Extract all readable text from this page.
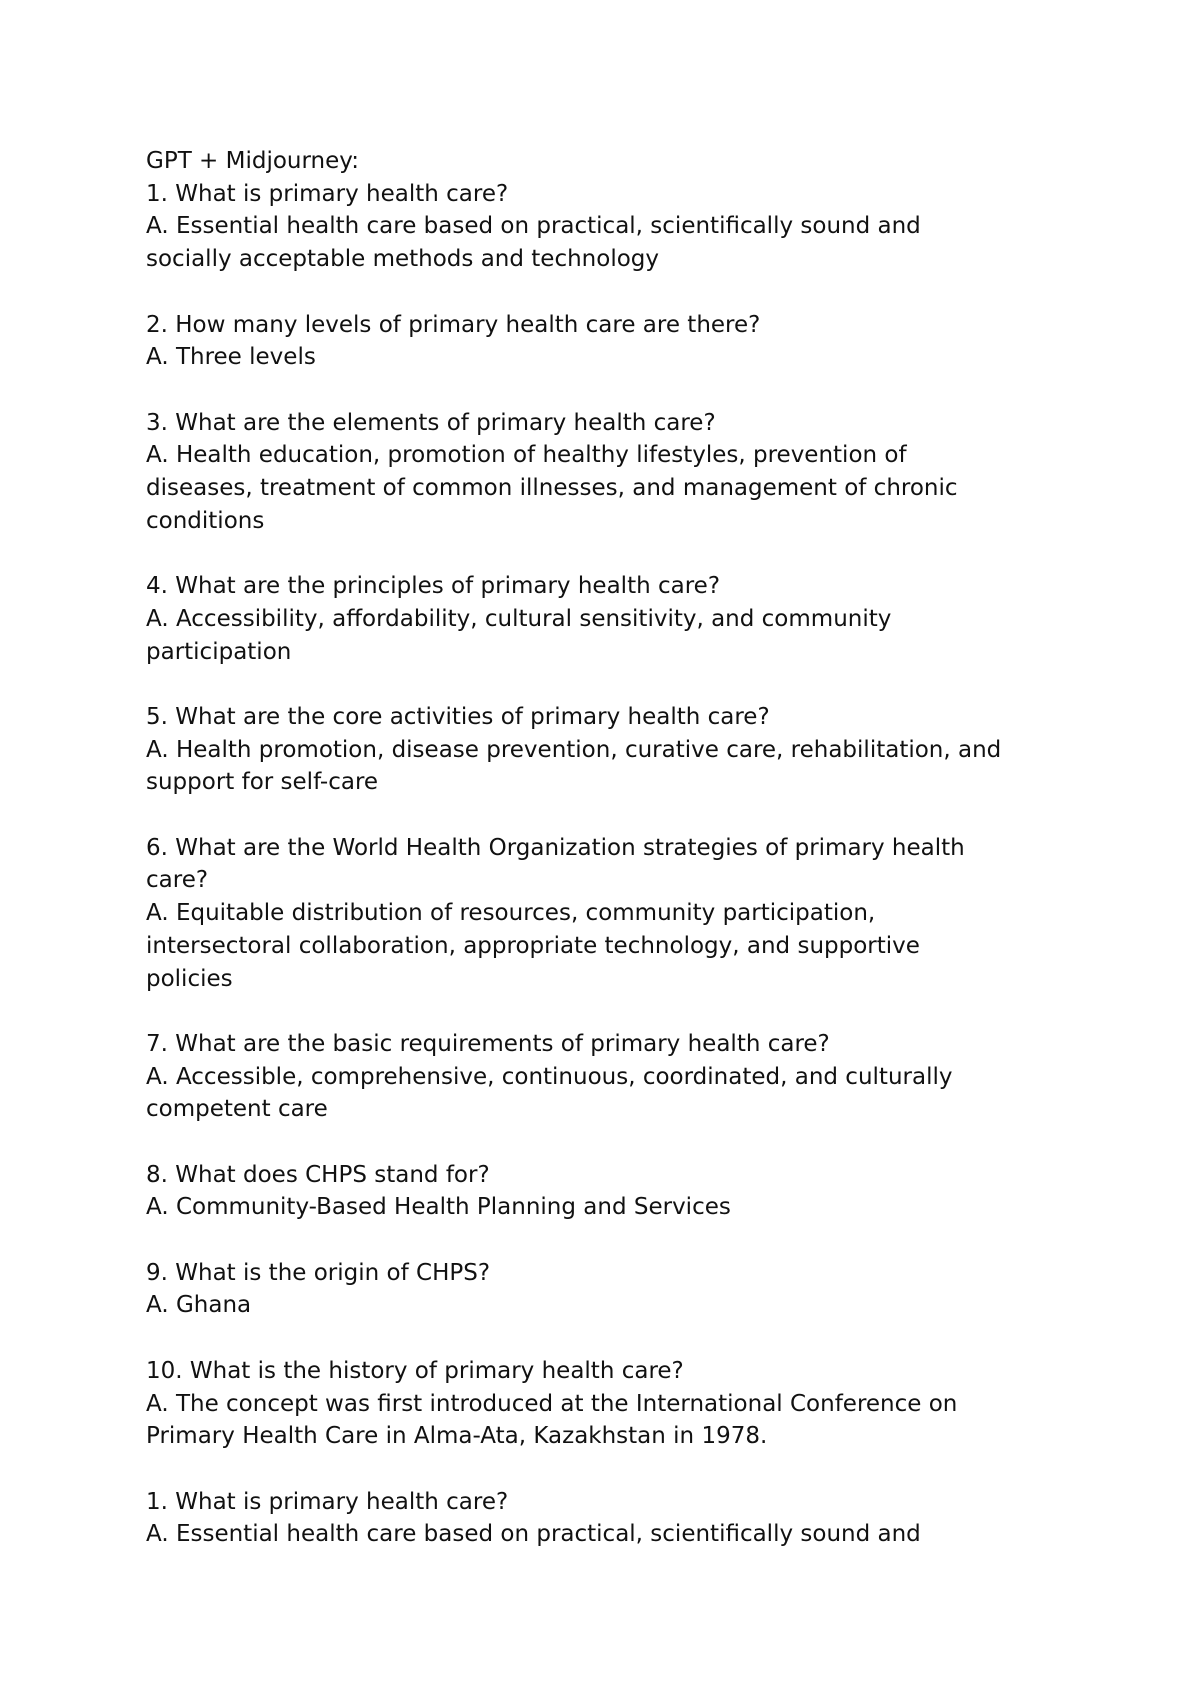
GPT + Midjourney:
1. What is primary health care?
A. Essential health care based on practical, scientifically sound and
socially acceptable methods and technology
2. How many levels of primary health care are there?
A. Three levels
3. What are the elements of primary health care?
A. Health education, promotion of healthy lifestyles, prevention of
diseases, treatment of common illnesses, and management of chronic
conditions
4. What are the principles of primary health care?
A. Accessibility, affordability, cultural sensitivity, and community
participation
5. What are the core activities of primary health care?
A. Health promotion, disease prevention, curative care, rehabilitation, and
support for self-care
6. What are the World Health Organization strategies of primary health
care?
A. Equitable distribution of resources, community participation,
intersectoral collaboration, appropriate technology, and supportive
policies
7. What are the basic requirements of primary health care?
A. Accessible, comprehensive, continuous, coordinated, and culturally
competent care
8. What does CHPS stand for?
A. Community-Based Health Planning and Services
9. What is the origin of CHPS?
A. Ghana
10. What is the history of primary health care?
A. The concept was first introduced at the International Conference on
Primary Health Care in Alma-Ata, Kazakhstan in 1978.
1. What is primary health care?
A. Essential health care based on practical, scientifically sound and
